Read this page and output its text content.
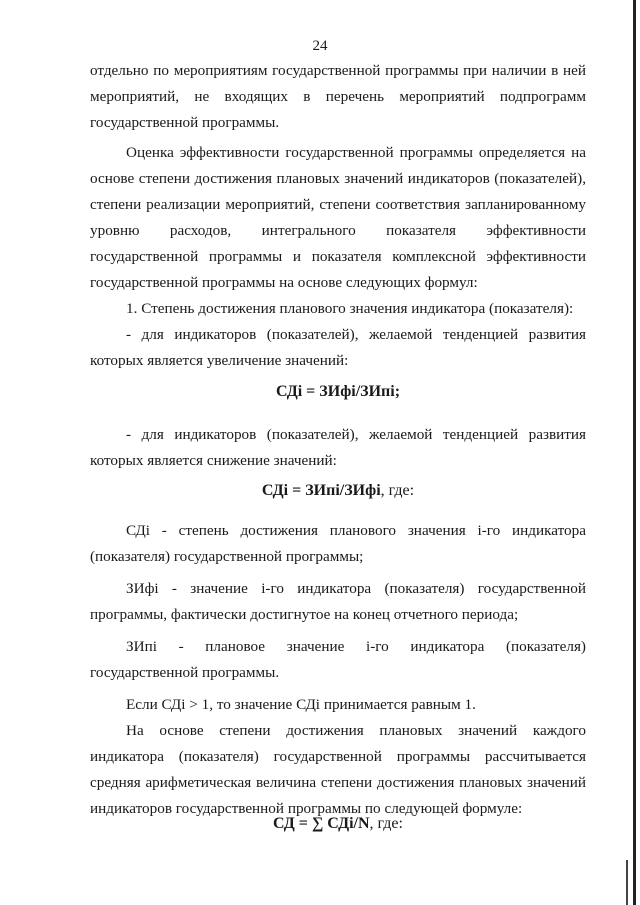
24

отдельно по мероприятиям государственной программы при наличии в ней мероприятий, не входящих в перечень мероприятий подпрограмм государственной программы.

Оценка эффективности государственной программы определяется на основе степени достижения плановых значений индикаторов (показателей), степени реализации мероприятий, степени соответствия запланированному уровню расходов, интегрального показателя эффективности государственной программы и показателя комплексной эффективности государственной программы на основе следующих формул:

1. Степень достижения планового значения индикатора (показателя):

- для индикаторов (показателей), желаемой тенденцией развития которых является увеличение значений:

СДі = ЗИфі/ЗИпі;

- для индикаторов (показателей), желаемой тенденцией развития которых является снижение значений:

СДі = ЗИпі/ЗИфі, где:

СДі - степень достижения планового значения і-го индикатора (показателя) государственной программы;

ЗИфі - значение і-го индикатора (показателя) государственной программы, фактически достигнутое на конец отчетного периода;

ЗИпі - плановое значение і-го индикатора (показателя) государственной программы.

Если СДі > 1, то значение СДі принимается равным 1.

На основе степени достижения плановых значений каждого индикатора (показателя) государственной программы рассчитывается средняя арифметическая величина степени достижения плановых значений индикаторов государственной программы по следующей формуле:

СД = ∑ СДі/N, где:
